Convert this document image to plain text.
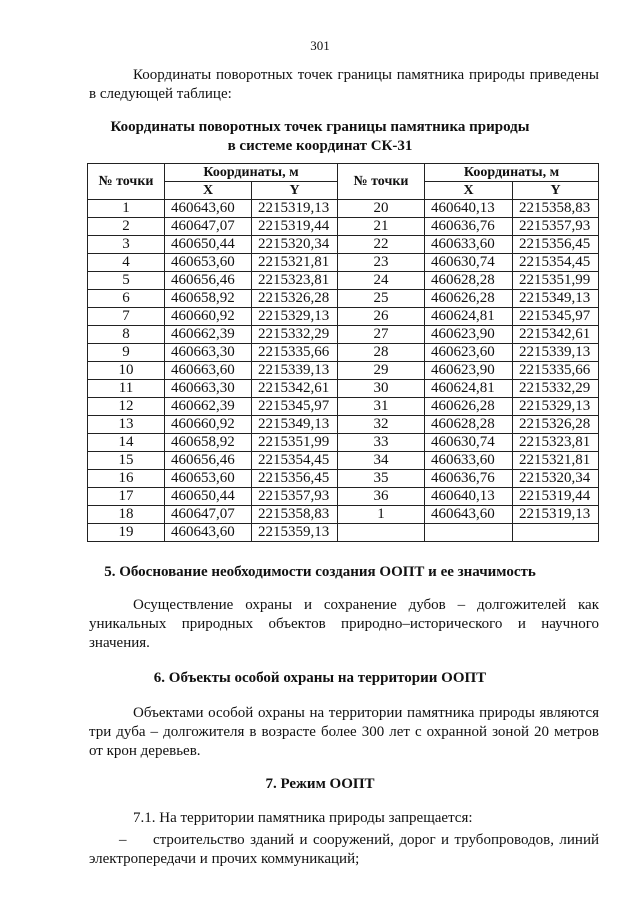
301

Координаты поворотных точек границы памятника природы приведены в следующей таблице:

Координаты поворотных точек границы памятника природы
в системе координат СК-31
№ точки	Координаты, м		№ точки	Координаты, м	
	X	Y		X	Y
1	460643,60	2215319,13	20	460640,13	2215358,83
2	460647,07	2215319,44	21	460636,76	2215357,93
3	460650,44	2215320,34	22	460633,60	2215356,45
4	460653,60	2215321,81	23	460630,74	2215354,45
5	460656,46	2215323,81	24	460628,28	2215351,99
6	460658,92	2215326,28	25	460626,28	2215349,13
7	460660,92	2215329,13	26	460624,81	2215345,97
8	460662,39	2215332,29	27	460623,90	2215342,61
9	460663,30	2215335,66	28	460623,60	2215339,13
10	460663,60	2215339,13	29	460623,90	2215335,66
11	460663,30	2215342,61	30	460624,81	2215332,29
12	460662,39	2215345,97	31	460626,28	2215329,13
13	460660,92	2215349,13	32	460628,28	2215326,28
14	460658,92	2215351,99	33	460630,74	2215323,81
15	460656,46	2215354,45	34	460633,60	2215321,81
16	460653,60	2215356,45	35	460636,76	2215320,34
17	460650,44	2215357,93	36	460640,13	2215319,44
18	460647,07	2215358,83	1	460643,60	2215319,13
19	460643,60	2215359,13			
5. Обоснование необходимости создания ООПТ и ее значимость

Осуществление охраны и сохранение дубов – долгожителей как уникальных природных объектов природно–исторического и научного значения.

6. Объекты особой охраны на территории ООПТ

Объектами особой охраны на территории памятника природы являются три дуба – долгожителя в возрасте более 300 лет с охранной зоной 20 метров от крон деревьев.

7. Режим ООПТ

7.1. На территории памятника природы запрещается:

– строительство зданий и сооружений, дорог и трубопроводов, линий электропередачи и прочих коммуникаций;
